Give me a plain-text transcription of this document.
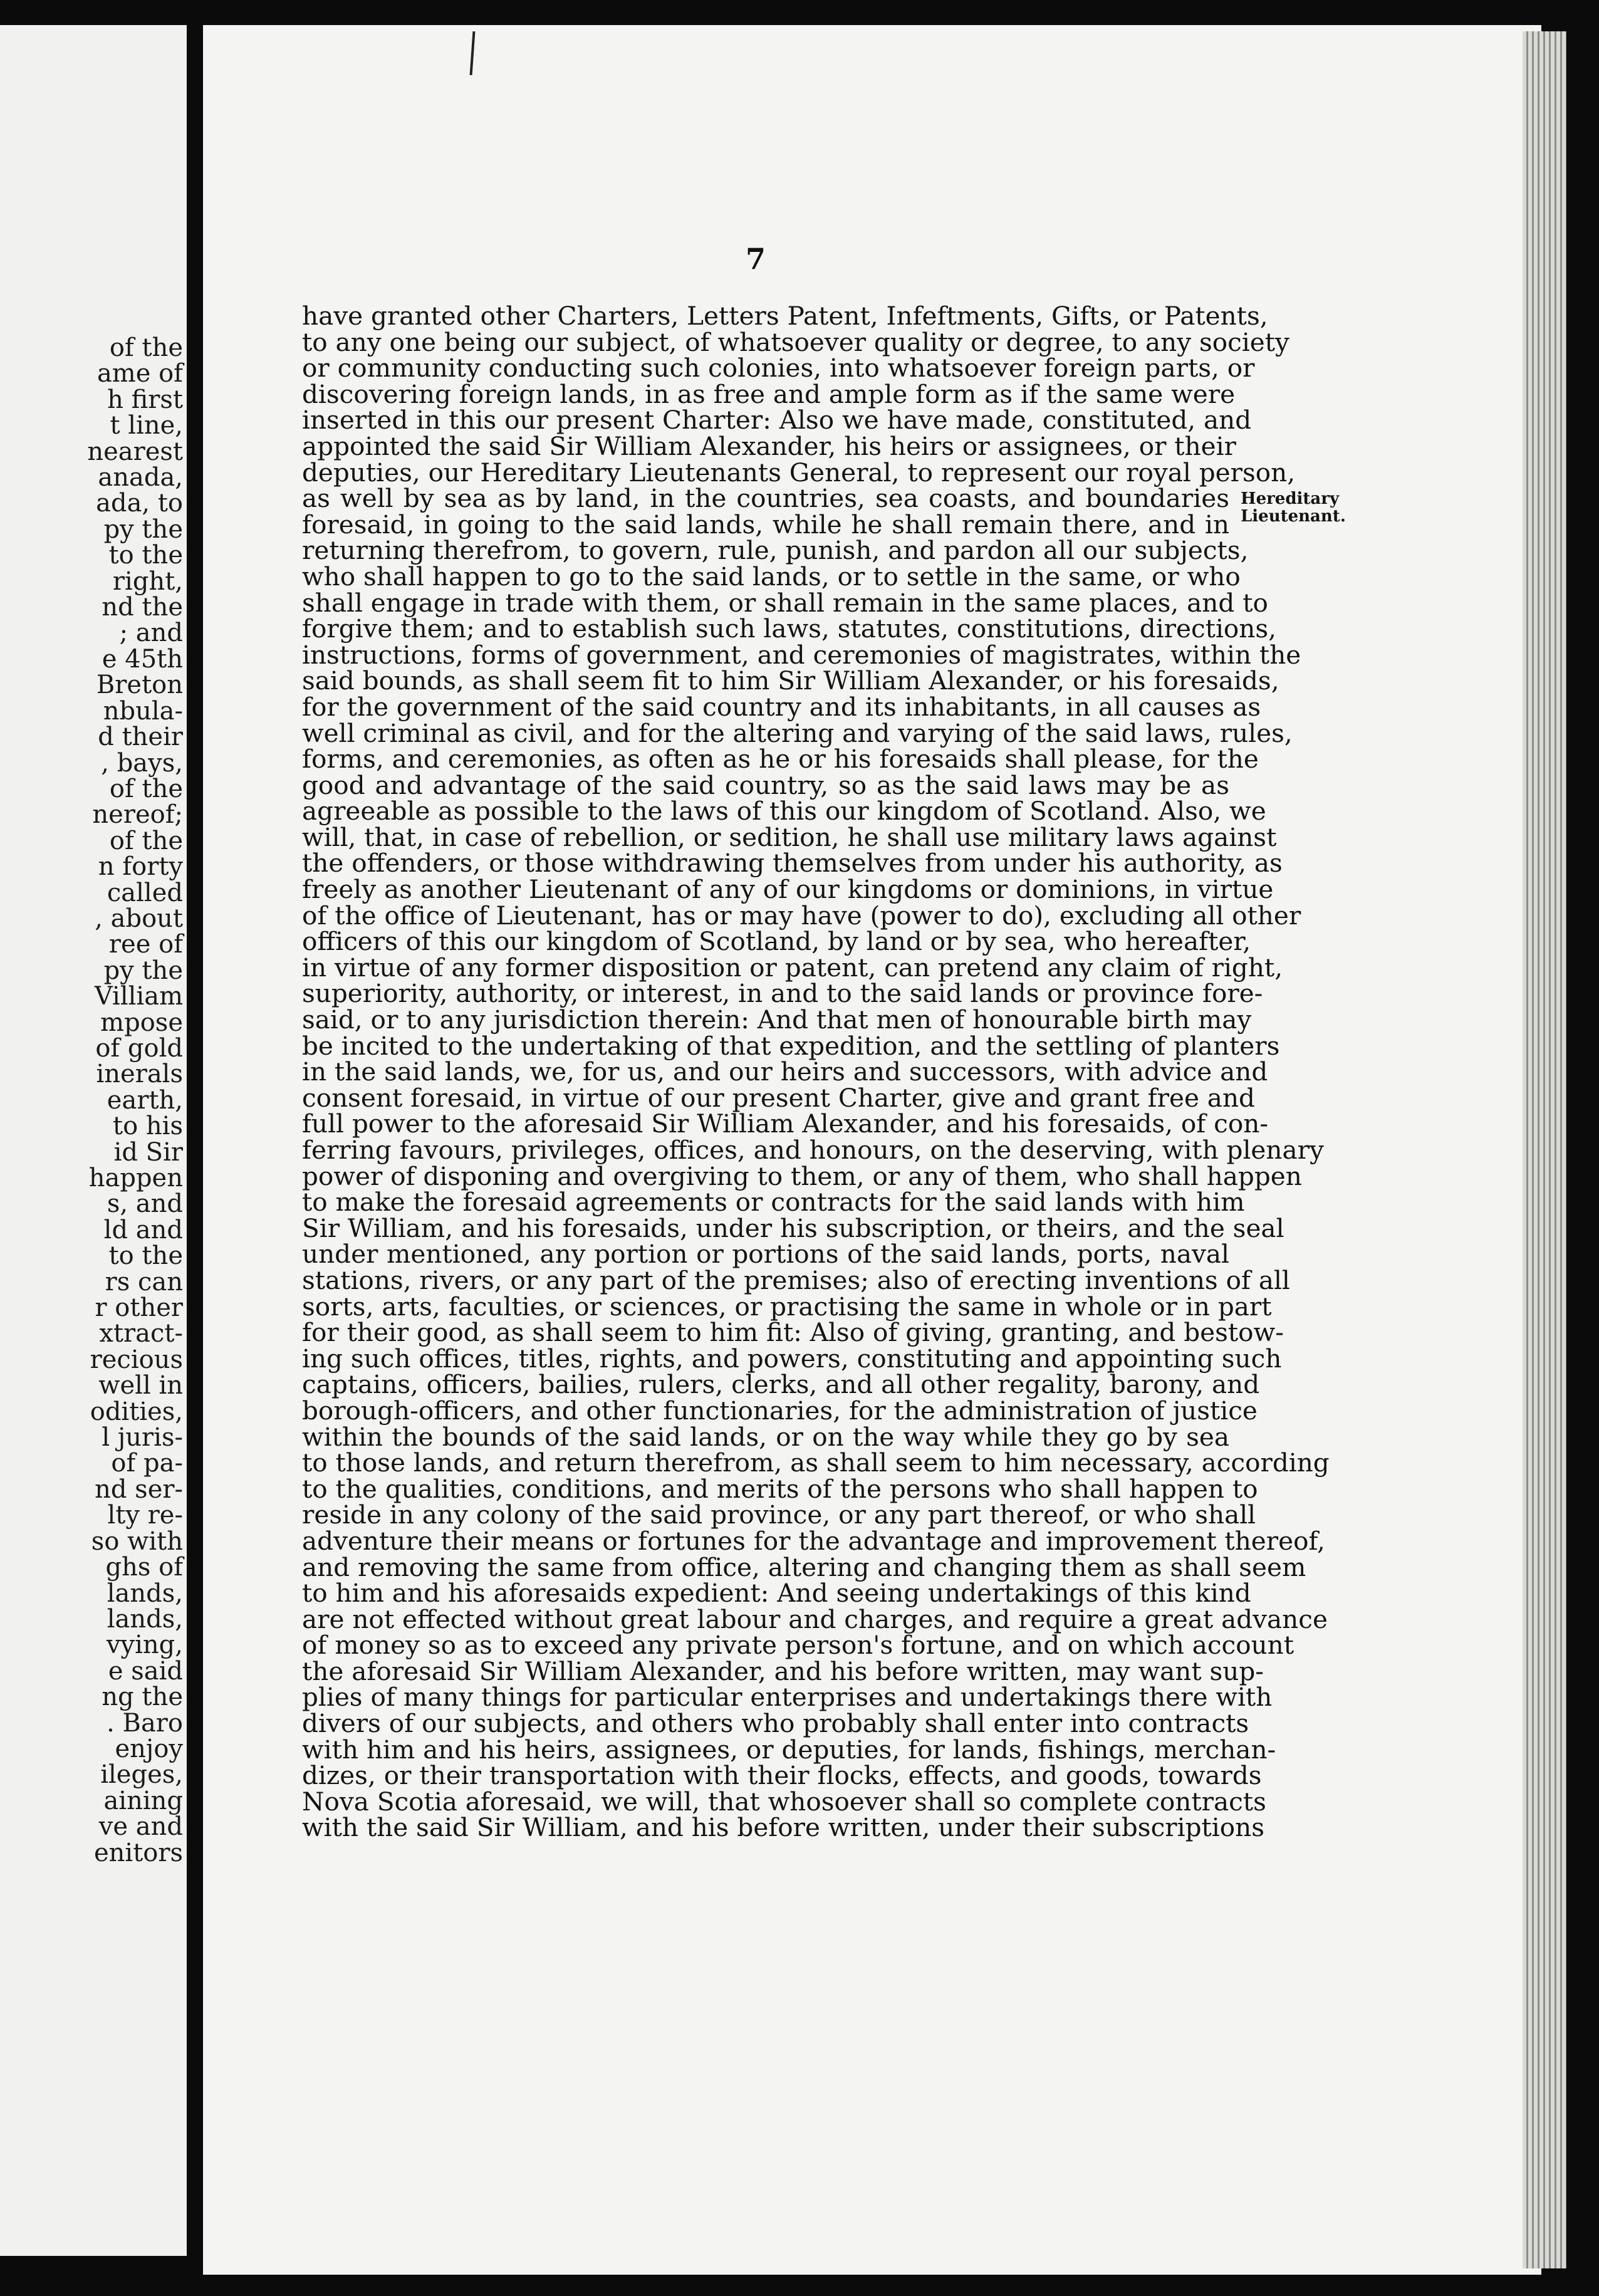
of the
ame of
h first
t line,
nearest
anada,
ada, to
py the
to the
right,
nd the
; and
e 45th
Breton
nbula-
d their
, bays,
of the
nereof;
of the
n forty
called
, about
ree of
py the
Villiam
mpose
of gold
inerals
earth,
to his
id Sir
happen
s, and
ld and
to the
rs can
r other
xtract-
recious
well in
odities,
l juris-
of pa-
nd ser-
lty re-
so with
ghs of
lands,
lands,
vying,
e said
ng the
. Baro
enjoy
ileges,
aining
ve and
enitors
7
have granted other Charters, Letters Patent, Infeftments, Gifts, or Patents,
to any one being our subject, of whatsoever quality or degree, to any society
or community conducting such colonies, into whatsoever foreign parts, or
discovering foreign lands, in as free and ample form as if the same were
inserted in this our present Charter: Also we have made, constituted, and
appointed the said Sir William Alexander, his heirs or assignees, or their
deputies, our Hereditary Lieutenants General, to represent our royal person,
as well by sea as by land, in the countries, sea coasts, and boundaries
foresaid, in going to the said lands, while he shall remain there, and in
returning therefrom, to govern, rule, punish, and pardon all our subjects,
who shall happen to go to the said lands, or to settle in the same, or who
shall engage in trade with them, or shall remain in the same places, and to
forgive them; and to establish such laws, statutes, constitutions, directions,
instructions, forms of government, and ceremonies of magistrates, within the
said bounds, as shall seem fit to him Sir William Alexander, or his foresaids,
for the government of the said country and its inhabitants, in all causes as
well criminal as civil, and for the altering and varying of the said laws, rules,
forms, and ceremonies, as often as he or his foresaids shall please, for the
good and advantage of the said country, so as the said laws may be as
agreeable as possible to the laws of this our kingdom of Scotland. Also, we
will, that, in case of rebellion, or sedition, he shall use military laws against
the offenders, or those withdrawing themselves from under his authority, as
freely as another Lieutenant of any of our kingdoms or dominions, in virtue
of the office of Lieutenant, has or may have (power to do), excluding all other
officers of this our kingdom of Scotland, by land or by sea, who hereafter,
in virtue of any former disposition or patent, can pretend any claim of right,
superiority, authority, or interest, in and to the said lands or province fore-
said, or to any jurisdiction therein: And that men of honourable birth may
be incited to the undertaking of that expedition, and the settling of planters
in the said lands, we, for us, and our heirs and successors, with advice and
consent foresaid, in virtue of our present Charter, give and grant free and
full power to the aforesaid Sir William Alexander, and his foresaids, of con-
ferring favours, privileges, offices, and honours, on the deserving, with plenary
power of disponing and overgiving to them, or any of them, who shall happen
to make the foresaid agreements or contracts for the said lands with him
Sir William, and his foresaids, under his subscription, or theirs, and the seal
under mentioned, any portion or portions of the said lands, ports, naval
stations, rivers, or any part of the premises; also of erecting inventions of all
sorts, arts, faculties, or sciences, or practising the same in whole or in part
for their good, as shall seem to him fit: Also of giving, granting, and bestow-
ing such offices, titles, rights, and powers, constituting and appointing such
captains, officers, bailies, rulers, clerks, and all other regality, barony, and
borough-officers, and other functionaries, for the administration of justice
within the bounds of the said lands, or on the way while they go by sea
to those lands, and return therefrom, as shall seem to him necessary, according
to the qualities, conditions, and merits of the persons who shall happen to
reside in any colony of the said province, or any part thereof, or who shall
adventure their means or fortunes for the advantage and improvement thereof,
and removing the same from office, altering and changing them as shall seem
to him and his aforesaids expedient: And seeing undertakings of this kind
are not effected without great labour and charges, and require a great advance
of money so as to exceed any private person's fortune, and on which account
the aforesaid Sir William Alexander, and his before written, may want sup-
plies of many things for particular enterprises and undertakings there with
divers of our subjects, and others who probably shall enter into contracts
with him and his heirs, assignees, or deputies, for lands, fishings, merchan-
dizes, or their transportation with their flocks, effects, and goods, towards
Nova Scotia aforesaid, we will, that whosoever shall so complete contracts
with the said Sir William, and his before written, under their subscriptions
Hereditary
Lieutenant.
